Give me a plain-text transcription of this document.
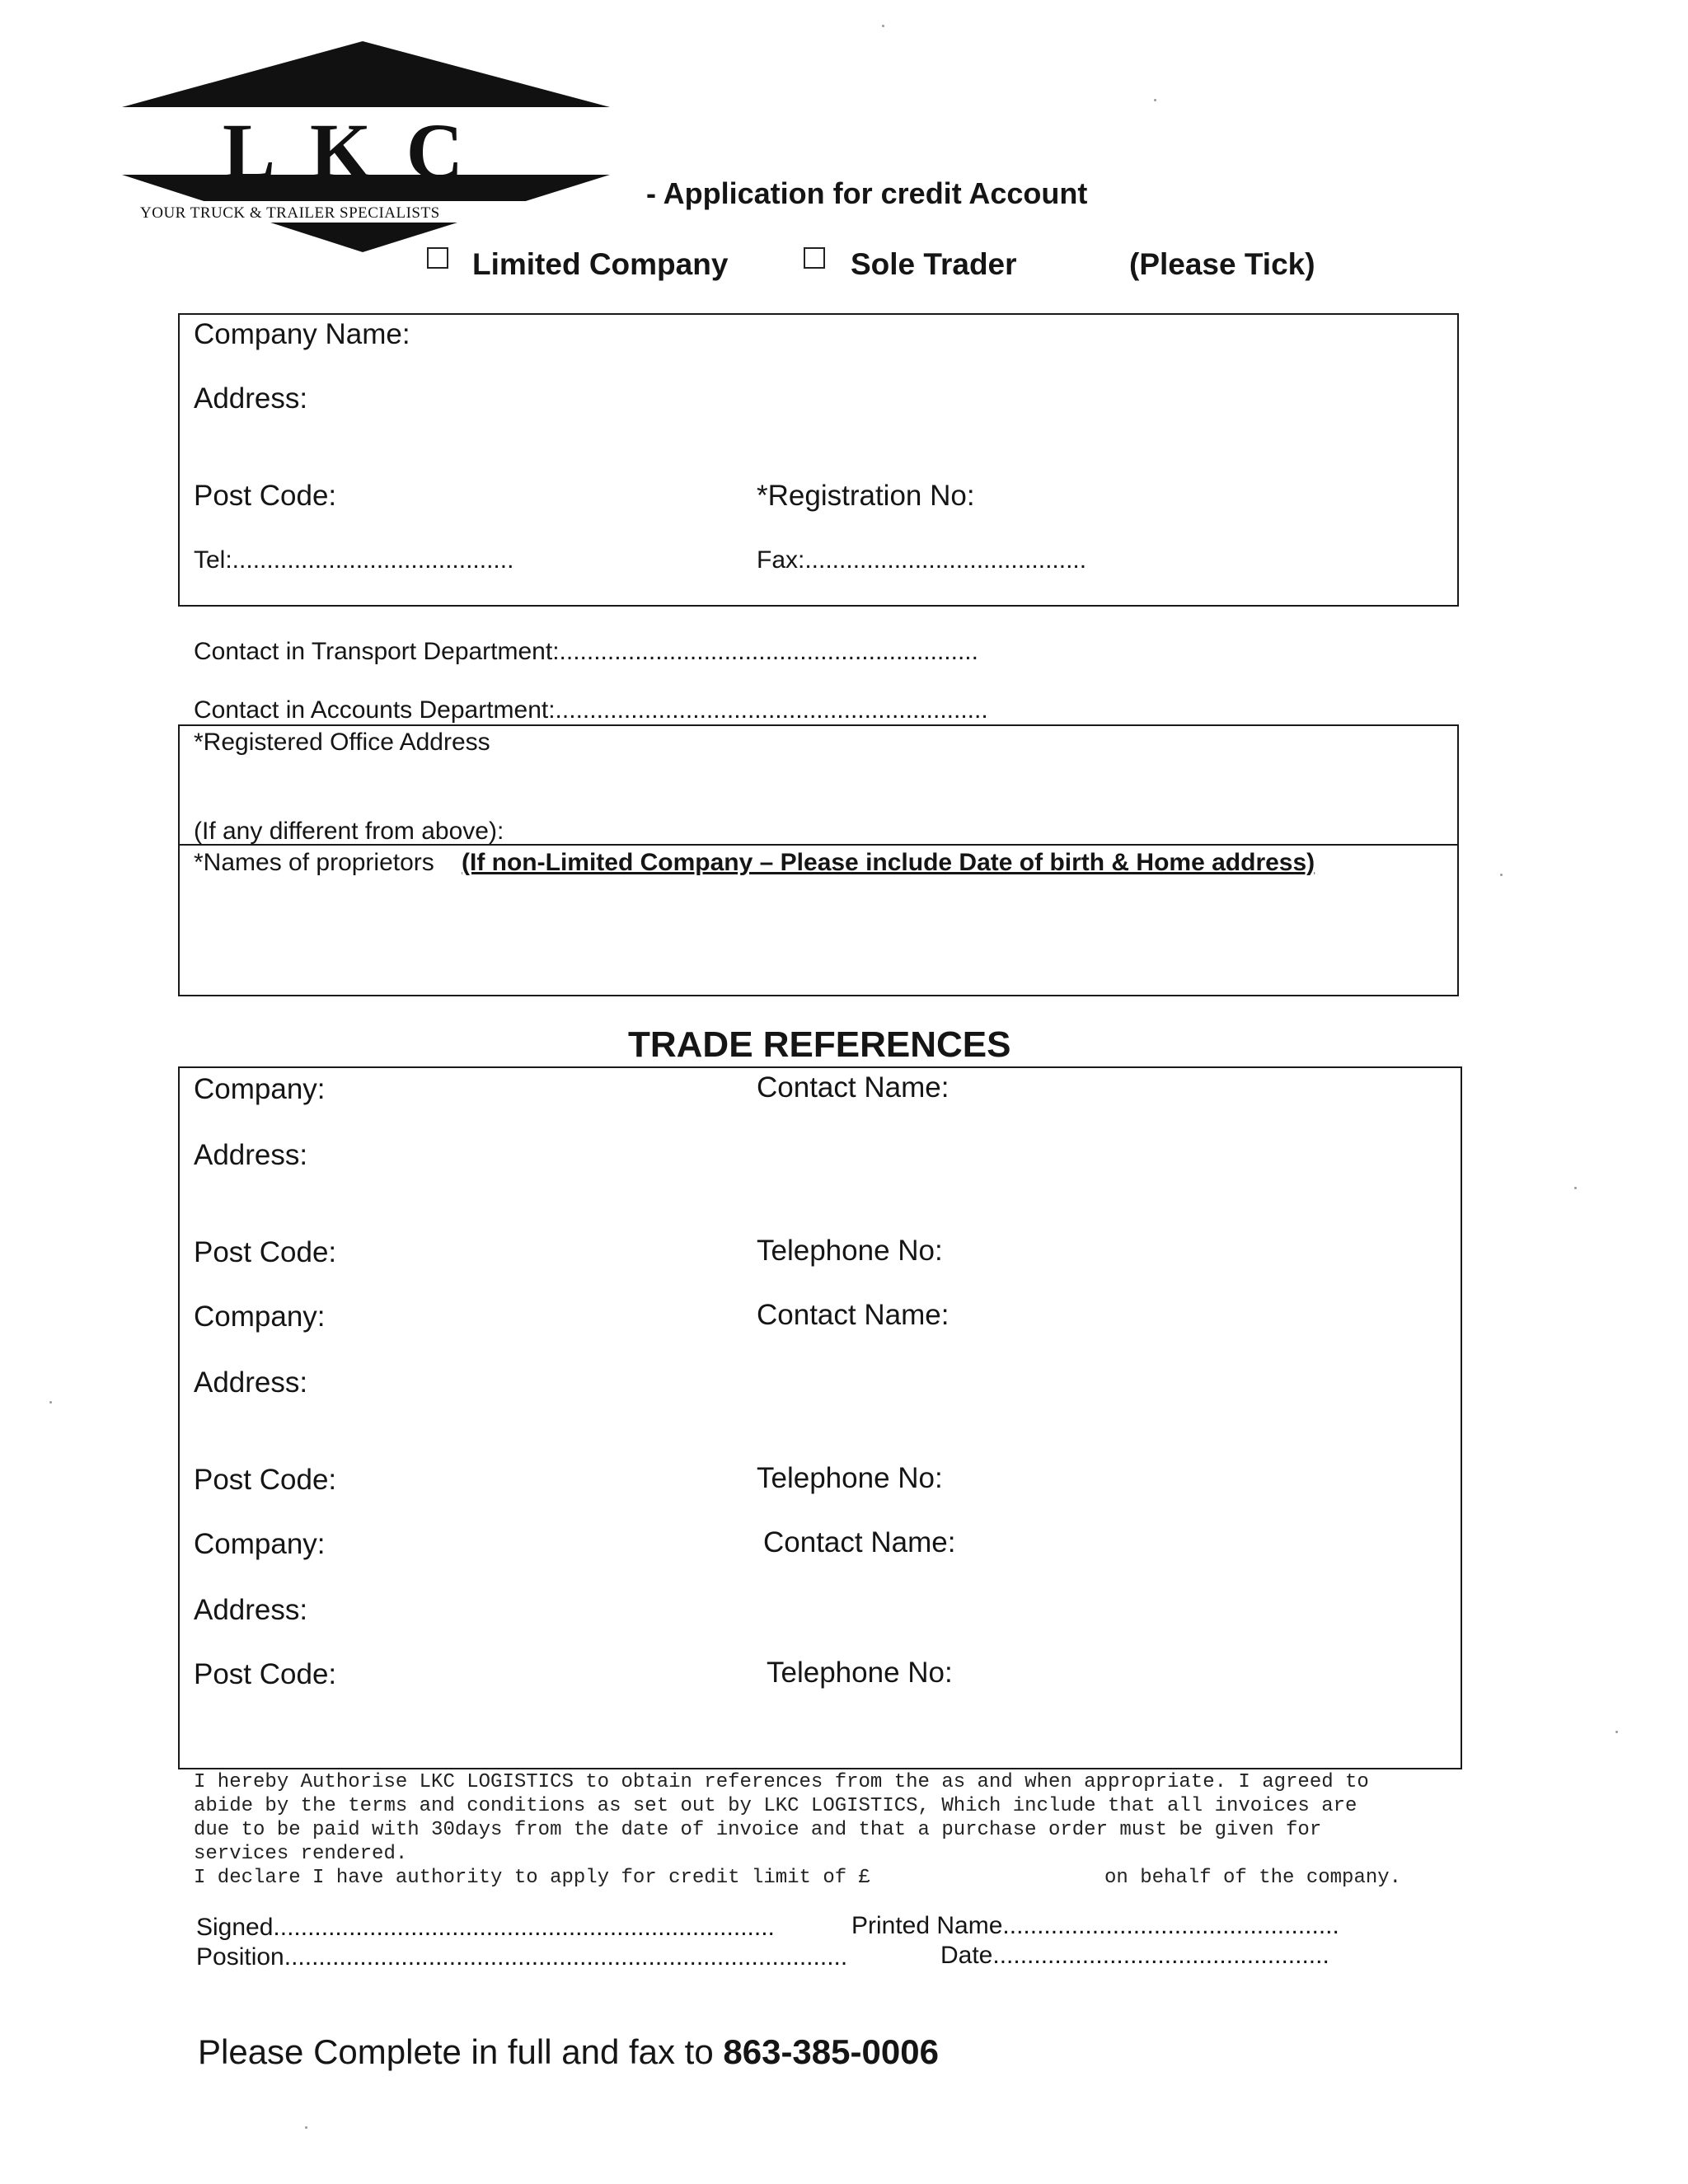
LKC
YOUR TRUCK & TRAILER SPECIALISTS
- Application for credit Account
Limited Company	Sole Trader	(Please Tick)
Company Name:
Address:
Post Code:	*Registration No:
Tel:.........................................	Fax:.........................................
Contact in Transport Department:.............................................................
Contact in Accounts Department:...............................................................
*Registered Office Address
(If any different from above):
*Names of proprietors (If non-Limited Company – Please include Date of birth & Home address)
TRADE REFERENCES
Company:	Contact Name:
Address:
Post Code:	Telephone No:
Company:	Contact Name:
Address:
Post Code:	Telephone No:
Company:	Contact Name:
Address:
Post Code:	Telephone No:
I hereby Authorise LKC LOGISTICS to obtain references from the as and when appropriate. I agreed to
abide by the terms and conditions as set out by LKC LOGISTICS, Which include that all invoices are
due to be paid with 30days from the date of invoice and that a purchase order must be given for
services rendered.
I declare I have authority to apply for credit limit of £	on behalf of the company.
Signed.........................................................................	Printed Name.................................................
Position..................................................................................	Date.................................................
Please Complete in full and fax to 863-385-0006
